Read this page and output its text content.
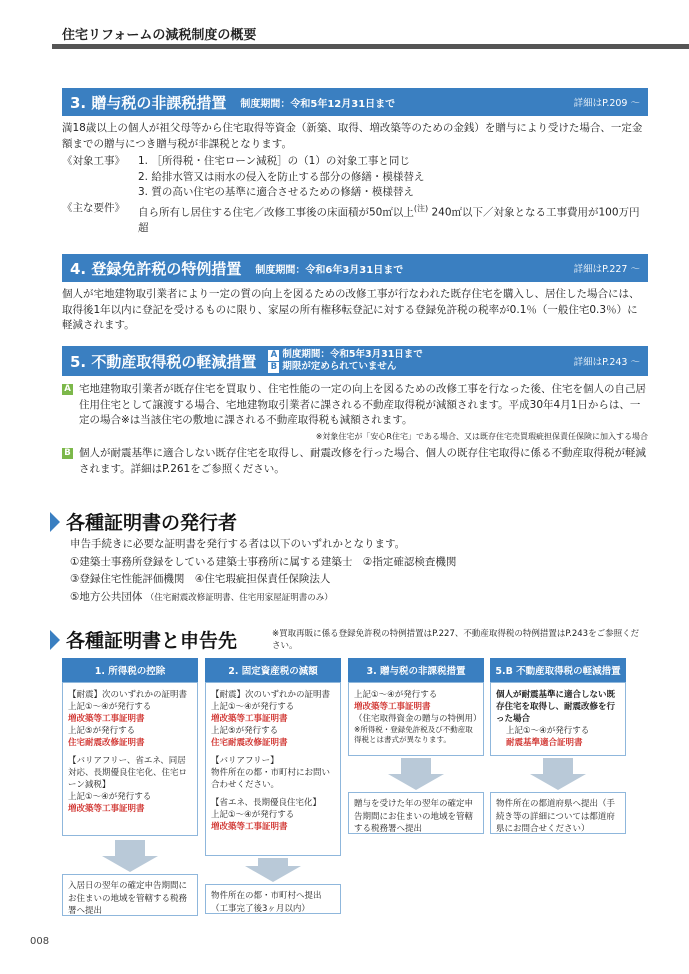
住宅リフォームの減税制度の概要
3. 贈与税の非課税措置 制度期間：令和5年12月31日まで	詳細はP.209 ～
満18歳以上の個人が祖父母等から住宅取得等資金（新築、取得、増改築等のための金銭）を贈与により受けた場合、一定金額までの贈与につき贈与税が非課税となります。
《対象工事》	1. ［所得税・住宅ローン減税］の（1）の対象工事と同じ
2. 給排水管又は雨水の侵入を防止する部分の修繕・模様替え
3. 質の高い住宅の基準に適合させるための修繕・模様替え
《主な要件》	自ら所有し居住する住宅／改修工事後の床面積が50㎡以上$^{(注)}$ 240㎡以下／対象となる工事費用が100万円超
4. 登録免許税の特例措置 制度期間：令和6年3月31日まで	詳細はP.227 ～
個人が宅地建物取引業者により一定の質の向上を図るための改修工事が行なわれた既存住宅を購入し、居住した場合には、取得後1年以内に登記を受けるものに限り、家屋の所有権移転登記に対する登録免許税の税率が0.1％（一般住宅0.3％）に軽減されます。
5. 不動産取得税の軽減措置 A 制度期間：令和5年3月31日まで
B 期限が定められていません	詳細はP.243 ～
A 宅地建物取引業者が既存住宅を買取り、住宅性能の一定の向上を図るための改修工事を行なった後、住宅を個人の自己居住用住宅として譲渡する場合、宅地建物取引業者に課される不動産取得税が減額されます。平成30年4月1日からは、一定の場合※は当該住宅の敷地に課される不動産取得税も減額されます。
※対象住宅が「安心R住宅」である場合、又は既存住宅売買瑕疵担保責任保険に加入する場合
B 個人が耐震基準に適合しない既存住宅を取得し、耐震改修を行った場合、個人の既存住宅取得に係る不動産取得税が軽減されます。詳細はP.261をご参照ください。
各種証明書の発行者
申告手続きに必要な証明書を発行する者は以下のいずれかとなります。
①建築士事務所登録をしている建築士事務所に属する建築士　②指定確認検査機関
③登録住宅性能評価機関　④住宅瑕疵担保責任保険法人
⑤地方公共団体 （住宅耐震改修証明書、住宅用家屋証明書のみ）
各種証明書と申告先	※買取再販に係る登録免許税の特例措置はP.227、不動産取得税の特例措置はP.243をご参照ください。
1. 所得税の控除
【耐震】次のいずれかの証明書
上記①～④が発行する
増改築等工事証明書
上記⑤が発行する
住宅耐震改修証明書
【バリアフリー、省エネ、同居対応、長期優良住宅化、住宅ローン減税】
上記①～④が発行する
増改築等工事証明書
2. 固定資産税の減額
【耐震】次のいずれかの証明書
上記①～④が発行する
増改築等工事証明書
上記⑤が発行する
住宅耐震改修証明書
【バリアフリー】
物件所在の都・市町村にお問い合わせください。
【省エネ、長期優良住宅化】
上記①～④が発行する
増改築等工事証明書
3. 贈与税の非課税措置
上記①～④が発行する
増改築等工事証明書
（住宅取得資金の贈与の特例用）
※所得税・登録免許税及び不動産取得税とは書式が異なります。
5.B 不動産取得税の軽減措置
個人が耐震基準に適合しない既存住宅を取得し、耐震改修を行った場合
上記①～④が発行する
耐震基準適合証明書
入居日の翌年の確定申告期間にお住まいの地域を管轄する税務署へ提出
物件所在の都・市町村へ提出（工事完了後3ヶ月以内）
贈与を受けた年の翌年の確定申告期間にお住まいの地域を管轄する税務署へ提出
物件所在の都道府県へ提出（手続き等の詳細については都道府県にお問合せください）
008
